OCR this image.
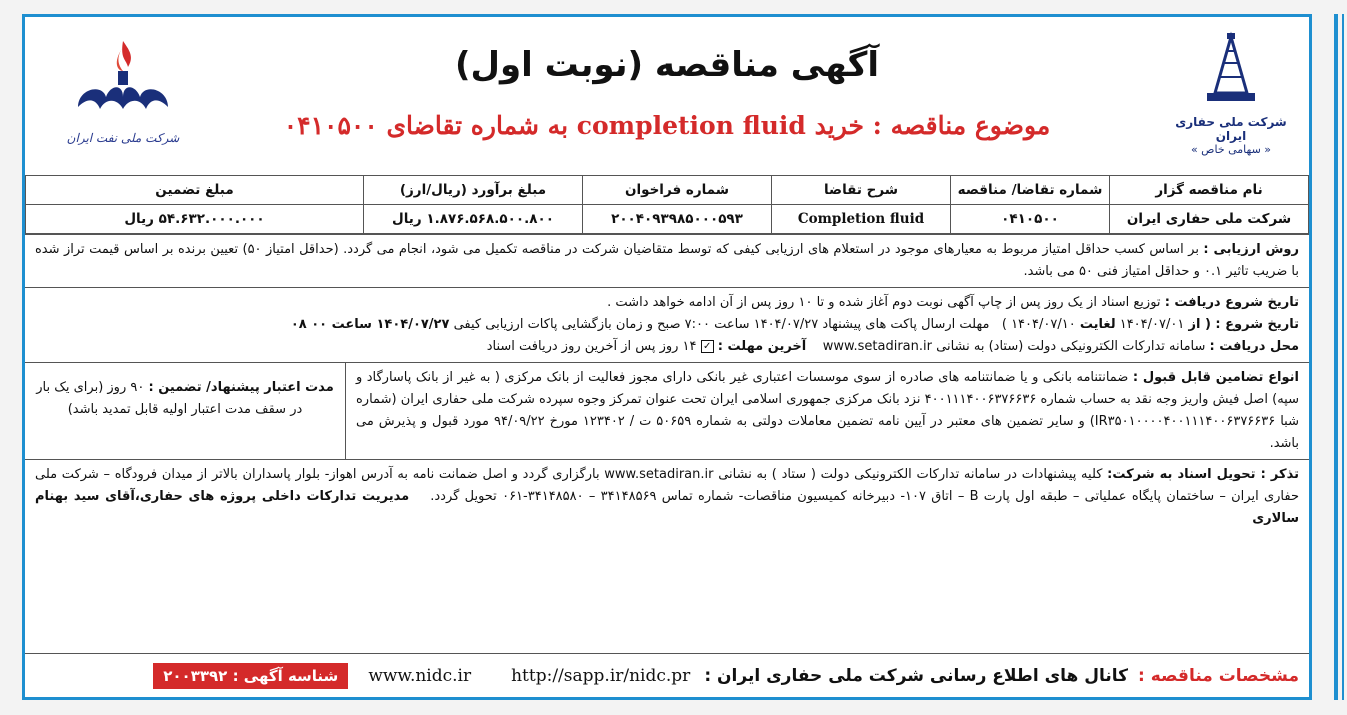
شرکت ملی حفاری ایران
« سهامی خاص »
آگهی مناقصه (نوبت اول)
موضوع مناقصه : خرید completion fluid به شماره تقاضای ۰۴۱۰۵۰۰
شرکت ملی نفت ایران
نام مناقصه گزار	شماره تقاضا/ مناقصه	شرح تقاضا	شماره فراخوان	مبلغ برآورد (ریال/ارز)	مبلغ تضمین
شرکت ملی حفاری ایران	۰۴۱۰۵۰۰	Completion fluid	۲۰۰۴۰۹۳۹۸۵۰۰۰۵۹۳	۱.۸۷۶.۵۶۸.۵۰۰.۸۰۰ ریال	۵۴.۶۳۲.۰۰۰.۰۰۰ ریال
روش ارزیابی : بر اساس کسب حداقل امتیاز مربوط به معیارهای موجود در استعلام های ارزیابی کیفی که توسط متقاضیان شرکت در مناقصه تکمیل می شود، انجام می گردد. (حداقل امتیاز ۵۰) تعیین برنده بر اساس قیمت تراز شده با ضریب تاثیر ۰.۱ و حداقل امتیاز فنی ۵۰ می باشد.
تاریخ شروع دریافت : توزیع اسناد از یک روز پس از چاپ آگهی نوبت دوم آغاز شده و تا ۱۰ روز پس از آن ادامه خواهد داشت .
تاریخ شروع : ( از ۱۴۰۴/۰۷/۰۱ لغایت ۱۴۰۴/۰۷/۱۰ )   مهلت ارسال پاکت های پیشنهاد ۱۴۰۴/۰۷/۲۷ ساعت ۷:۰۰ صبح و زمان بازگشایی پاکات ارزیابی کیفی ۱۴۰۴/۰۷/۲۷ ساعت ۰۰ ۰۸
محل دریافت : سامانه تدارکات الکترونیکی دولت (ستاد) به نشانی www.setadiran.ir    آخرین مهلت : ✓ ۱۴ روز پس از آخرین روز دریافت اسناد
انواع تضامین قابل قبول : ضمانتنامه بانکی و یا ضمانتنامه های صادره از سوی موسسات اعتباری غیر بانکی دارای مجوز فعالیت از بانک مرکزی ( به غیر از بانک پاسارگاد و سپه) اصل فیش واریز وجه نقد به حساب شماره ۴۰۰۱۱۱۴۰۰۶۳۷۶۶۳۶ نزد بانک مرکزی جمهوری اسلامی ایران تحت عنوان تمرکز وجوه سپرده شرکت ملی حفاری ایران (شماره شبا IR۳۵۰۱۰۰۰۰۴۰۰۱۱۱۴۰۰۶۳۷۶۶۳۶) و سایر تضمین های معتبر در آیین نامه تضمین معاملات دولتی به شماره ۵۰۶۵۹ ت / ۱۲۳۴۰۲ مورخ ۹۴/۰۹/۲۲ مورد قبول و پذیرش می باشد.
مدت اعتبار پیشنهاد/ تضمین : ۹۰ روز (برای یک بار در سقف مدت اعتبار اولیه قابل تمدید باشد)
تذکر : تحویل اسناد به شرکت: کلیه پیشنهادات در سامانه تدارکات الکترونیکی دولت ( ستاد ) به نشانی www.setadiran.ir بارگزاری گردد و اصل ضمانت نامه به آدرس اهواز- بلوار پاسداران بالاتر از میدان فرودگاه – شرکت ملی حفاری ایران – ساختمان پایگاه عملیاتی – طبقه اول پارت B – اتاق ۱۰۷- دبیرخانه کمیسیون مناقصات- شماره تماس ۳۴۱۴۸۵۶۹ – ۳۴۱۴۸۵۸۰-۰۶۱ تحویل گردد.    مدیریت تدارکات داخلی پروژه های حفاری،آقای سید بهنام سالاری
مشخصات مناقصه :
کانال های اطلاع رسانی شرکت ملی حفاری ایران :
http://sapp.ir/nidc.pr
www.nidc.ir
شناسه آگهی : ۲۰۰۳۳۹۲
